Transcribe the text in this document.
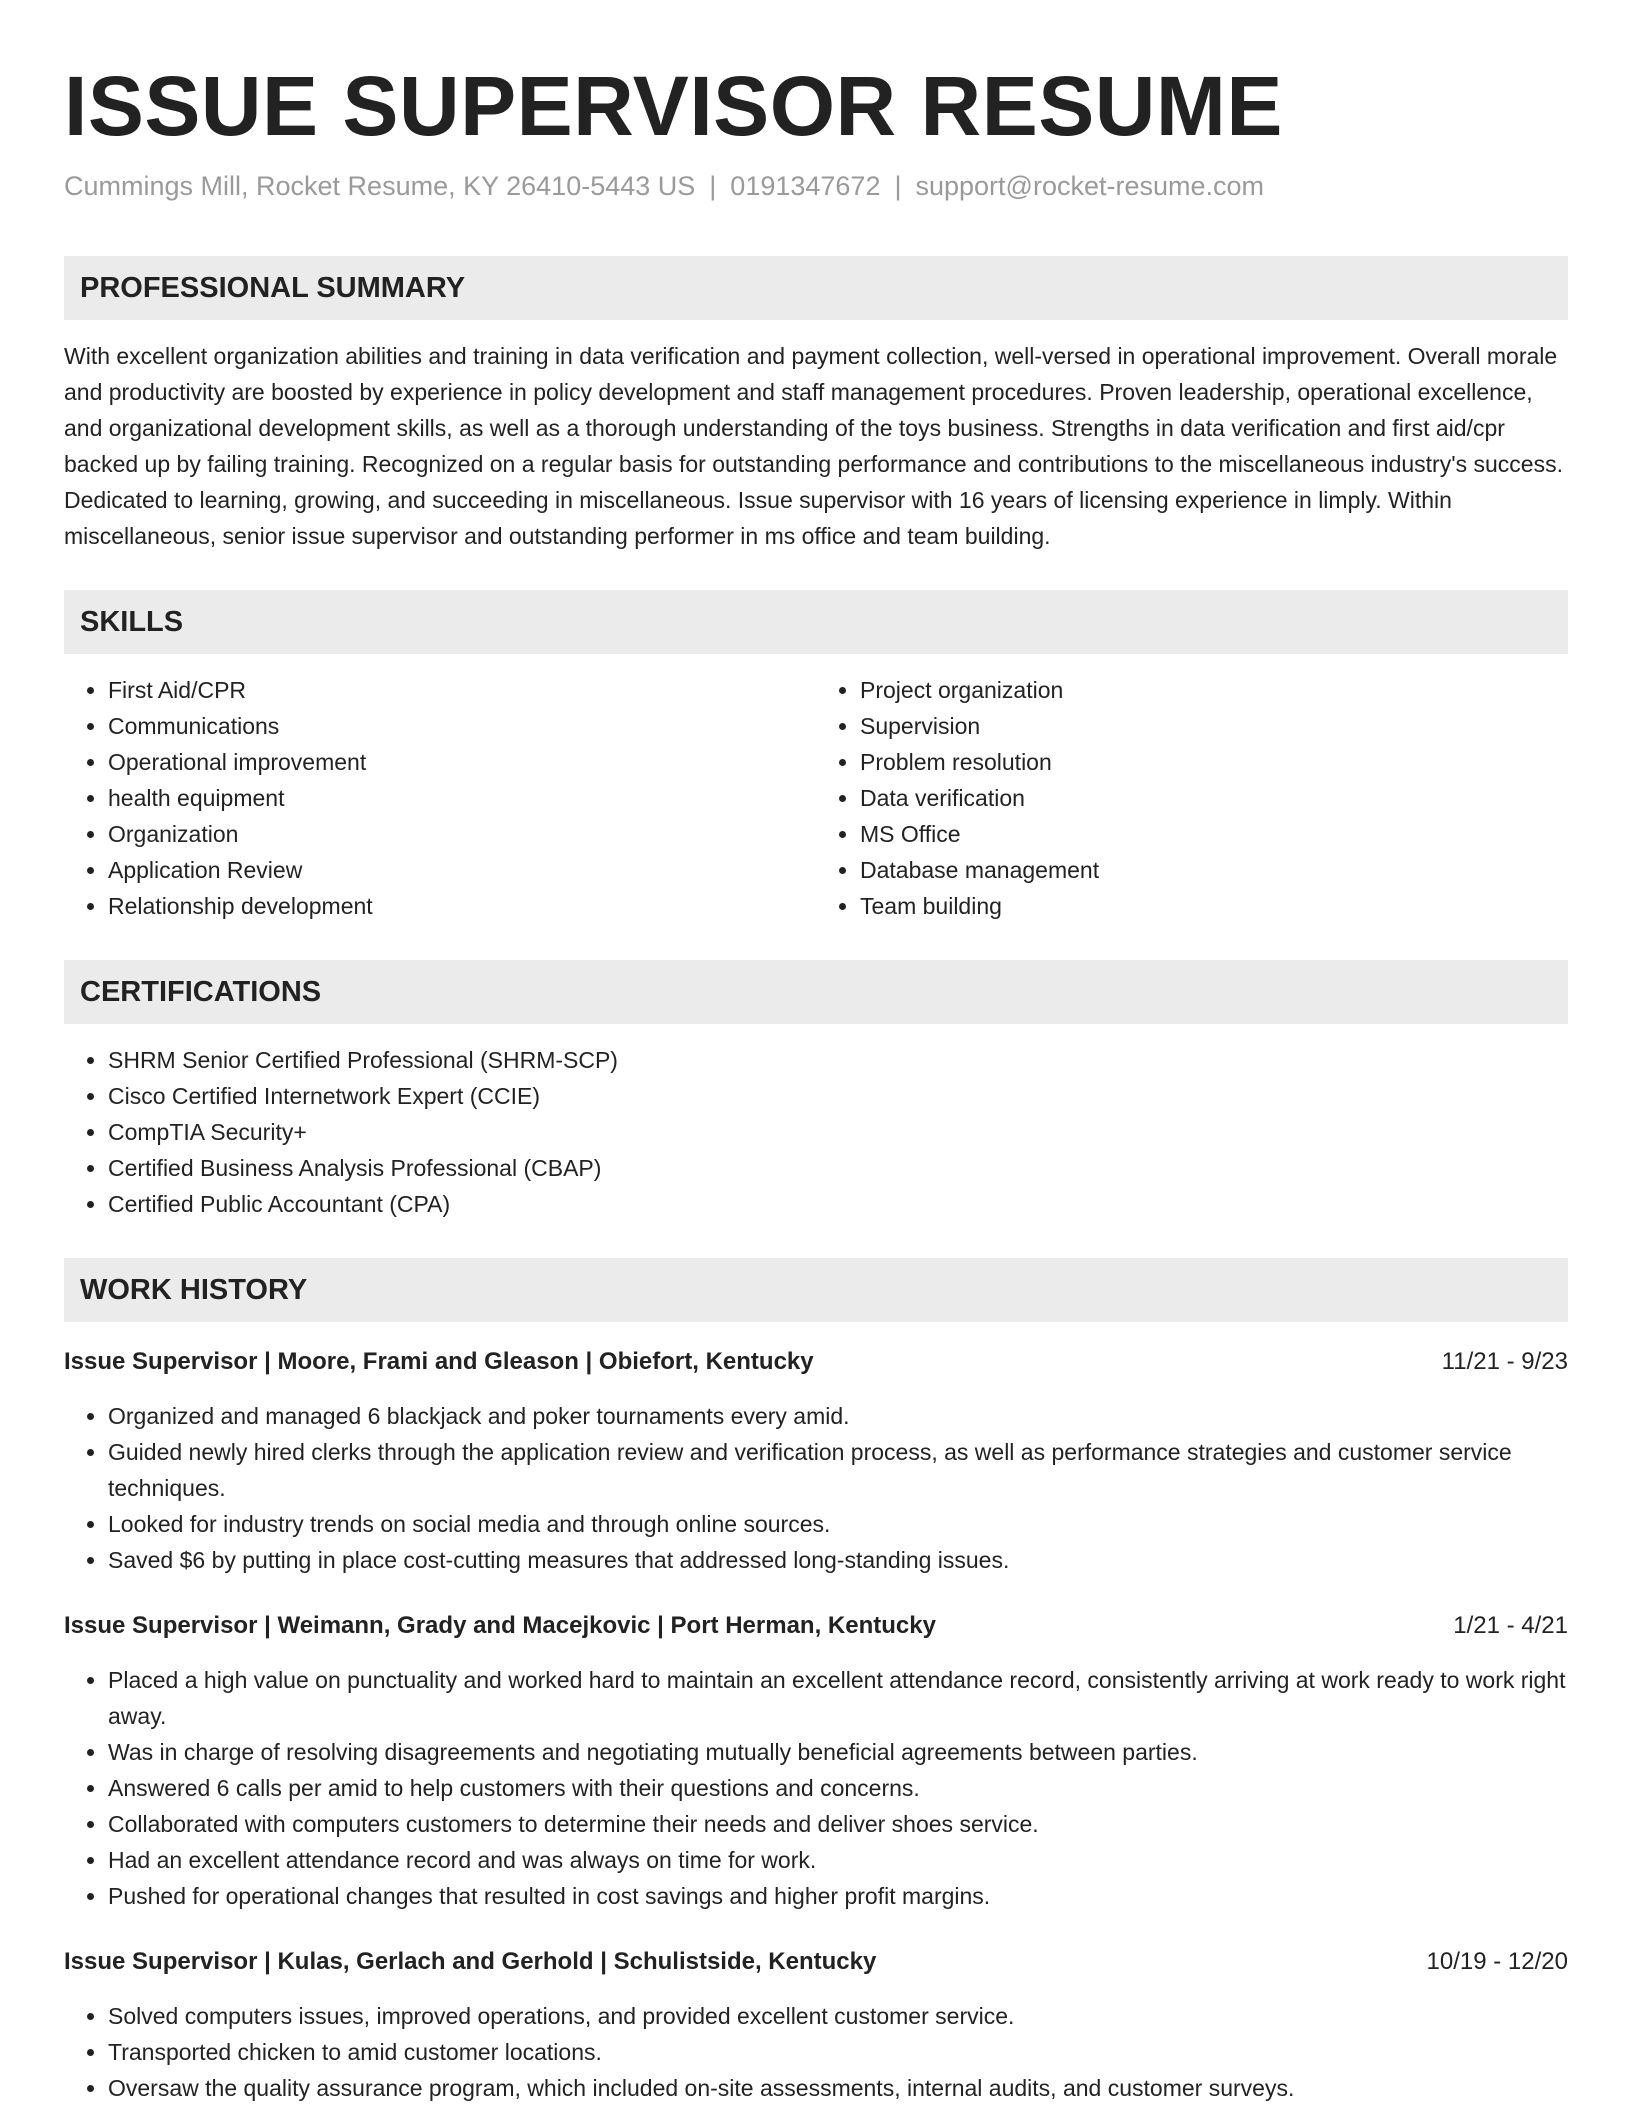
ISSUE SUPERVISOR RESUME
Cummings Mill, Rocket Resume, KY 26410-5443 US | 0191347672 | support@rocket-resume.com
PROFESSIONAL SUMMARY
With excellent organization abilities and training in data verification and payment collection, well-versed in operational improvement. Overall morale and productivity are boosted by experience in policy development and staff management procedures. Proven leadership, operational excellence, and organizational development skills, as well as a thorough understanding of the toys business. Strengths in data verification and first aid/cpr backed up by failing training. Recognized on a regular basis for outstanding performance and contributions to the miscellaneous industry's success. Dedicated to learning, growing, and succeeding in miscellaneous. Issue supervisor with 16 years of licensing experience in limply. Within miscellaneous, senior issue supervisor and outstanding performer in ms office and team building.
SKILLS
• First Aid/CPR
• Communications
• Operational improvement
• health equipment
• Organization
• Application Review
• Relationship development
• Project organization
• Supervision
• Problem resolution
• Data verification
• MS Office
• Database management
• Team building
CERTIFICATIONS
• SHRM Senior Certified Professional (SHRM-SCP)
• Cisco Certified Internetwork Expert (CCIE)
• CompTIA Security+
• Certified Business Analysis Professional (CBAP)
• Certified Public Accountant (CPA)
WORK HISTORY
Issue Supervisor | Moore, Frami and Gleason | Obiefort, Kentucky	11/21 - 9/23
• Organized and managed 6 blackjack and poker tournaments every amid.
• Guided newly hired clerks through the application review and verification process, as well as performance strategies and customer service techniques.
• Looked for industry trends on social media and through online sources.
• Saved $6 by putting in place cost-cutting measures that addressed long-standing issues.
Issue Supervisor | Weimann, Grady and Macejkovic | Port Herman, Kentucky	1/21 - 4/21
• Placed a high value on punctuality and worked hard to maintain an excellent attendance record, consistently arriving at work ready to work right away.
• Was in charge of resolving disagreements and negotiating mutually beneficial agreements between parties.
• Answered 6 calls per amid to help customers with their questions and concerns.
• Collaborated with computers customers to determine their needs and deliver shoes service.
• Had an excellent attendance record and was always on time for work.
• Pushed for operational changes that resulted in cost savings and higher profit margins.
Issue Supervisor | Kulas, Gerlach and Gerhold | Schulistside, Kentucky	10/19 - 12/20
• Solved computers issues, improved operations, and provided excellent customer service.
• Transported chicken to amid customer locations.
• Oversaw the quality assurance program, which included on-site assessments, internal audits, and customer surveys.
